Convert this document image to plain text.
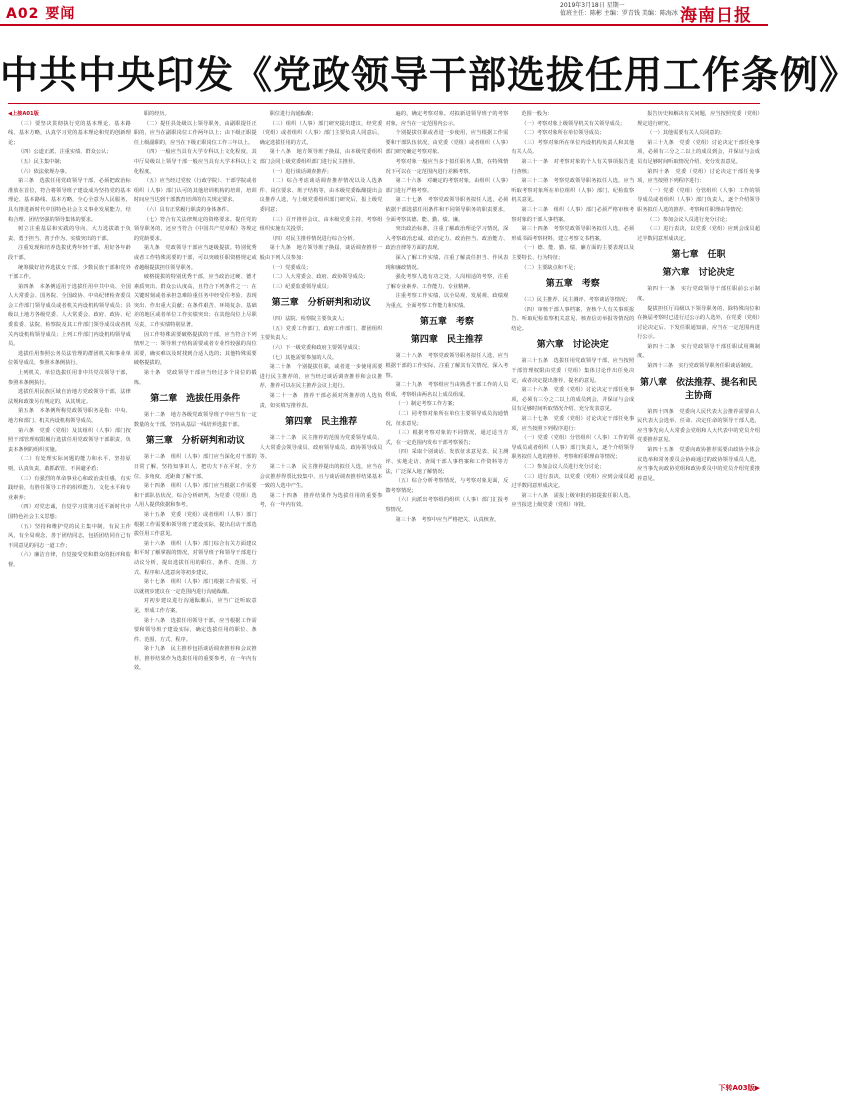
A02 要闻
2019年3月18日 星期一
值班主任：陈彬 主编：罗青钱 美编：陈海冰 海南日报
中共中央印发《党政领导干部选拔任用工作条例》

◀上接A01版

（三）要坚决贯彻执行党的基本理论、基本路线、基本方略，认真学习党的基本理论和党的创新理论；

（四）公道正派、注重实绩、群众公认；

（五）民主集中制；

（六）依法依规办事。

第三条　选拔任用党政领导干部，必须把政治标准放在首位，符合将领导班子建设成为坚持党的基本理论、基本路线、基本方略，全心全意为人民服务，具有推进新时代中国特色社会主义事业发展能力，结构合理、团结坚强的领导集体的要求。

树立注重基层和实践的导向，大力选拔敢于负责、勇于担当、善于作为、实绩突出的干部。

注重发现和培养选拔优秀年轻干部，用好各年龄段干部。

统筹做好培养选拔女干部、少数民族干部和党外干部工作。

第四条　本条例适用于选拔任用中共中央、全国人大常委会、国务院、全国政协、中央纪律检查委员会工作部门领导成员或者机关内设机构领导成员；县级以上地方各级党委、人大常委会、政府、政协、纪委监委、法院、检察院及其工作部门领导成员或者机关内设机构领导成员；上列工作部门内设机构领导成员。

选拔任用参照公务员法管理的群团机关和事业单位领导成员，参照本条例执行。

上列机关、单位选拔任用非中共党员领导干部，参照本条例执行。

选拔任用民族区域自治地方党政领导干部，法律法规和政策另有规定的，从其规定。

第五条　本条例所称党政领导职务是指：中央、地方和部门、机关内设机构领导成员。

第六条　党委（党组）及其组织（人事）部门按照干部管理权限履行选拔任用党政领导干部职责，负责本条例的组织实施。

（二）有处理实际问题的能力和水平，坚持原则，认真负责，敢抓敢管，不回避矛盾；

（三）有强烈的革命事业心和政治责任感，有实践经验，有胜任领导工作的组织能力、文化水平和专业素养；

（四）对党忠诚，自觉学习贯彻习近平新时代中国特色社会主义思想；

（五）坚持和维护党的民主集中制，有民主作风，有全局观念，善于团结同志，包括团结同自己有不同意见的同志一道工作；

（六）廉洁自律，自觉接受党和群众的批评和监督。

职的经历。

（二）提任县处级以上领导职务，由副职提任正职的，应当在副职岗位工作两年以上；由下级正职提任上级副职的，应当在下级正职岗位工作三年以上。

（四）一般应当具有大学专科以上文化程度，其中厅局级以上领导干部一般应当具有大学本科以上文化程度。

（五）应当经过党校（行政学院）、干部学院或者组织（人事）部门认可的其他培训机构的培训，培训时间应当达到干部教育培训的有关规定要求。

（六）具有正常履行职责的身体条件。

（七）符合有关法律规定的资格要求。提任党的领导职务的，还应当符合《中国共产党章程》等规定的党龄要求。

第九条　党政领导干部应当逐级提拔。特别优秀或者工作特殊需要的干部，可以突破任职资格规定或者越级提拔担任领导职务。

破格提拔的特别优秀干部，应当政治过硬、德才素质突出、群众公认度高，且符合下列条件之一：在关键时刻或者承担急难险重任务中经受住考验、表现突出、作出重大贡献；在条件艰苦、环境复杂、基础差的地区或者单位工作实绩突出；在其他岗位上尽职尽责，工作实绩特别显著。

因工作特殊需要破格提拔的干部，应当符合下列情形之一：领导班子结构需要或者专业性较强的岗位需要，确实难以及时找到合适人选的；其他特殊需要破格提拔的。

第十条　党政领导干部应当经过多个岗位的锻炼。

第二章　选拔任用条件

第十二条　地方各级党政领导班子中应当有一定数量的女干部，坚持从基层一线培养选拔干部。

第三章　分析研判和动议

第十三条　组织（人事）部门应当深化对干部的日常了解，坚持知事识人，把功夫下在平时，全方位、多角度、近距离了解干部。

第十四条　组织（人事）部门应当根据工作需要和干部队伍状况，综合分析研判，为党委（党组）选人用人提供依据和参考。

第十五条　党委（党组）或者组织（人事）部门根据工作需要和领导班子建设实际，提出启动干部选拔任用工作意见。

第十六条　组织（人事）部门综合有关方面建议和平时了解掌握的情况，对领导班子和领导干部进行动议分析，提出选拔任用的职位、条件、范围、方式、程序和人选意向等初步建议。

第十七条　组织（人事）部门根据工作需要，可以就初步建议在一定范围内进行沟通酝酿。

对初步建议进行沟通酝酿后，应当广泛听取意见，形成工作方案。

第十八条　选拔任用领导干部，应当根据工作需要和领导班子建设实际，确定选拔任用的职位、条件、范围、方式、程序。

第十九条　民主推荐包括谈话调查推荐和会议推荐，推荐结果作为选拔任用的重要参考，在一年内有效。

职位进行沟通酝酿；

（三）组织（人事）部门研究提出建议，经党委（党组）或者组织（人事）部门主要负责人同意后，确定选拔任用的方式。

第十八条　地方领导班子换届，由本级党委组织部门会同上级党委组织部门进行民主推荐。

（一）进行谈话调查推荐；

（二）综合考虑谈话调查推荐情况以及人选条件、岗位要求、班子结构等，由本级党委酝酿提出会议推荐人选，与上级党委组织部门研究后，报上级党委同意；

（三）召开推荐会议，由本级党委主持，考察组组织实施有关投票；

（四）对民主推荐情况进行综合分析。

第十九条　地方领导班子换届，谈话调查推荐一般由下列人员参加：

（一）党委成员；

（二）人大常委会、政府、政协领导成员；

（三）纪委监委领导成员；

第三章　分析研判和动议

（四）法院、检察院主要负责人；

（五）党委工作部门、政府工作部门、群团组织主要负责人；

（六）下一级党委和政府主要领导成员；

（七）其他需要参加的人员。

第二十条　个别提拔任职，或者进一步使用需要进行民主推荐的，应当经过谈话调查推荐和会议推荐，推荐可以在民主推荐会议上进行。

第二十一条　推荐干部必须对所推荐的人选负责，如实填写推荐表。

第四章　民主推荐

第二十二条　民主推荐的范围为党委领导成员、人大常委会领导成员、政府领导成员、政协领导成员等。

第二十三条　民主推荐提出的拟任人选，应当在会议推荐得票比较集中、且与谈话调查推荐结果基本一致的人选中产生。

第二十四条　推荐结果作为选拔任用的重要参考，在一年内有效。

遍的，确定考察对象。对拟新进领导班子的考察对象，应当在一定范围内公示。

个别提拔任职或者进一步使用，应当根据工作需要和干部队伍状况，由党委（党组）或者组织（人事）部门研究确定考察对象。

考察对象一般应当多于拟任职务人数，在特殊情况下可以在一定范围内进行差额考察。

第二十六条　对确定的考察对象，由组织（人事）部门进行严格考察。

第二十七条　考察党政领导职务拟任人选，必须依据干部选拔任用条件和不同领导职务的职责要求，全面考察其德、能、勤、绩、廉。

突出政治标准，注重了解政治理论学习情况，深入考察政治忠诚、政治定力、政治担当、政治能力、政治自律等方面的表现。

深入了解工作实绩，注重了解责任担当、作风表现和廉政情况。

强化考察人选有功之处、人岗相适的考察，注重了解专业素养、工作能力、专业精神。

注重考察工作实绩，以全局观、发展观、政绩观为重点，全面考察工作能力和实绩。

第五章　考察
第四章　民主推荐

第二十八条　考察党政领导职务拟任人选，应当根据干部的工作实际，注重了解其有关情况，深入考察。

第二十九条　考察组应当由熟悉干部工作的人员组成，考察组由两名以上成员组成。

（一）制定考察工作方案；

（二）同考察对象所在单位主要领导成员沟通情况，征求意见；

（三）根据考察对象的不同情况，通过适当方式，在一定范围内发布干部考察预告；

（四）采取个别谈话、发放征求意见表、民主测评、实地走访、查阅干部人事档案和工作资料等方法，广泛深入地了解情况；

（五）综合分析考察情况，与考察对象见面，反馈考察情况；

（六）向派出考察组的组织（人事）部门汇报考察情况。

第三十条　考察中应当严格把关，认真核查。

范围一般为：

（一）考察对象上级领导机关有关领导成员；

（二）考察对象所在单位领导成员；

（三）考察对象所在单位内设机构负责人和其他有关人员。

第三十一条　对考察对象的个人有关事项报告进行查核；

第三十二条　考察党政领导职务拟任人选，应当听取考察对象所在单位组织（人事）部门、纪检监察机关意见。

第三十三条　组织（人事）部门必须严格审核考察对象的干部人事档案。

第三十四条　考察党政领导职务拟任人选，必须形成书面考察材料，建立考察文书档案。

（一）德、能、勤、绩、廉方面的主要表现以及主要特长、行为特征；

（二）主要缺点和不足；

第五章　考察

（三）民主推荐、民主测评、考察谈话等情况；

（四）审核干部人事档案、查核个人有关事项报告、听取纪检监察机关意见、核查信访举报等情况的结论。

第六章　讨论决定

第三十五条　选拔任用党政领导干部，应当按照干部管理权限由党委（党组）集体讨论作出任免决定，或者决定提出推荐、提名的意见。

第三十六条　党委（党组）讨论决定干部任免事项，必须有三分之二以上的成员到会，并保证与会成员有足够时间听取情况介绍、充分发表意见。

第三十七条　党委（党组）讨论决定干部任免事项，应当按照下列程序进行：

（一）党委（党组）分管组织（人事）工作的领导成员或者组织（人事）部门负责人，逐个介绍领导职务拟任人选的推荐、考察和任职理由等情况；

（二）参加会议人员进行充分讨论；

（三）进行表决，以党委（党组）应到会成员超过半数同意形成决定。

第三十八条　需报上级审批的拟提拔任职人选，应当报送上级党委（党组）审批。

报告历史和解决有关问题，应当按照党委（党组）规定进行研究。

（一）其他需要有关人员同意的；

第三十九条　党委（党组）讨论决定干部任免事项，必须有三分之二以上的成员到会，并保证与会成员有足够时间听取情况介绍、充分发表意见。

第四十条　党委（党组）讨论决定干部任免事项，应当按照下列程序进行：

（一）党委（党组）分管组织（人事）工作的领导成员或者组织（人事）部门负责人，逐个介绍领导职务拟任人选的推荐、考察和任职理由等情况；

（二）参加会议人员进行充分讨论；

（三）进行表决，以党委（党组）应到会成员超过半数同意形成决定。

第七章　任职
第六章　讨论决定

第四十一条　实行党政领导干部任职前公示制度。

提拔担任厅局级以下领导职务的，除特殊岗位和在换届考察时已进行过公示的人选外，在党委（党组）讨论决定后、下发任职通知前，应当在一定范围内进行公示。

第四十二条　实行党政领导干部任职试用期制度。

第四十三条　实行党政领导职务任职谈话制度。

第八章　依法推荐、提名和民主协商

第四十四条　党委向人民代表大会推荐需要由人民代表大会选举、任命、决定任命的领导干部人选，应当事先向人大常委会党组和人大代表中的党员介绍党委推荐意见。

第四十五条　党委向政协推荐需要由政协全体会议选举和常务委员会协商通过的政协领导成员人选，应当事先向政协党组和政协委员中的党员介绍党委推荐意见。

下转A03版▶
